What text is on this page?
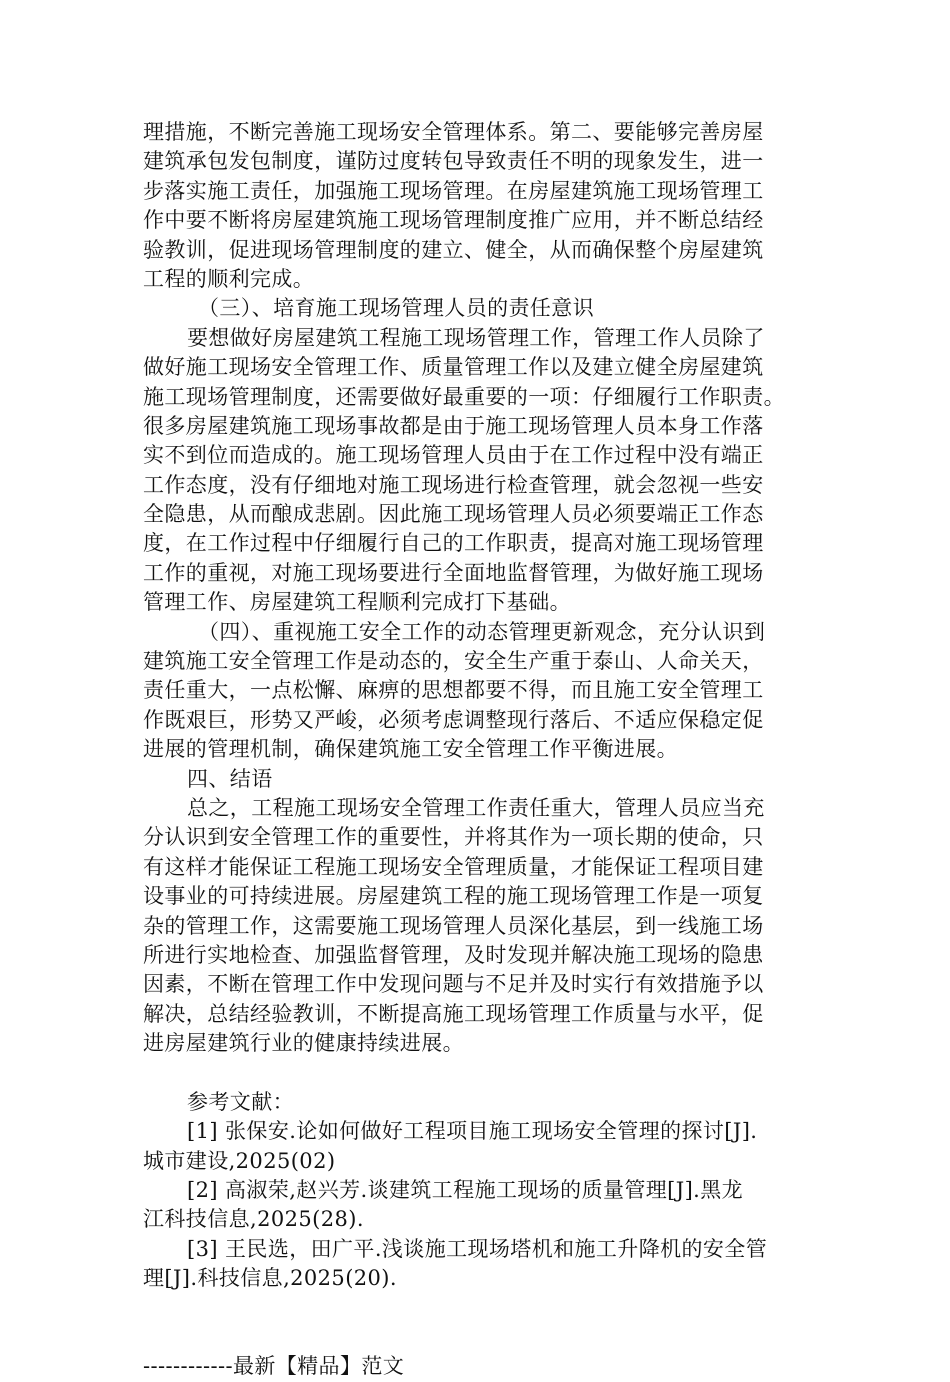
理措施，不断完善施工现场安全管理体系。第二、要能够完善房屋
建筑承包发包制度，谨防过度转包导致责任不明的现象发生，进一
步落实施工责任，加强施工现场管理。在房屋建筑施工现场管理工
作中要不断将房屋建筑施工现场管理制度推广应用，并不断总结经
验教训，促进现场管理制度的建立、健全，从而确保整个房屋建筑
工程的顺利完成。
（三）、培育施工现场管理人员的责任意识
要想做好房屋建筑工程施工现场管理工作，管理工作人员除了
做好施工现场安全管理工作、质量管理工作以及建立健全房屋建筑
施工现场管理制度，还需要做好最重要的一项：仔细履行工作职责。
很多房屋建筑施工现场事故都是由于施工现场管理人员本身工作落
实不到位而造成的。施工现场管理人员由于在工作过程中没有端正
工作态度，没有仔细地对施工现场进行检查管理，就会忽视一些安
全隐患，从而酿成悲剧。因此施工现场管理人员必须要端正工作态
度，在工作过程中仔细履行自己的工作职责，提高对施工现场管理
工作的重视，对施工现场要进行全面地监督管理，为做好施工现场
管理工作、房屋建筑工程顺利完成打下基础。
（四）、重视施工安全工作的动态管理更新观念，充分认识到
建筑施工安全管理工作是动态的，安全生产重于泰山、人命关天，
责任重大，一点松懈、麻痹的思想都要不得，而且施工安全管理工
作既艰巨，形势又严峻，必须考虑调整现行落后、不适应保稳定促
进展的管理机制，确保建筑施工安全管理工作平衡进展。
四、结语
总之，工程施工现场安全管理工作责任重大，管理人员应当充
分认识到安全管理工作的重要性，并将其作为一项长期的使命，只
有这样才能保证工程施工现场安全管理质量，才能保证工程项目建
设事业的可持续进展。房屋建筑工程的施工现场管理工作是一项复
杂的管理工作，这需要施工现场管理人员深化基层，到一线施工场
所进行实地检查、加强监督管理，及时发现并解决施工现场的隐患
因素，不断在管理工作中发现问题与不足并及时实行有效措施予以
解决，总结经验教训，不断提高施工现场管理工作质量与水平，促
进房屋建筑行业的健康持续进展。
参考文献：
[1] 张保安.论如何做好工程项目施工现场安全管理的探讨[J].
城市建设,2025(02)
[2] 高淑荣,赵兴芳.谈建筑工程施工现场的质量管理[J].黑龙
江科技信息,2025(28).
[3] 王民选，田广平.浅谈施工现场塔机和施工升降机的安全管
理[J].科技信息,2025(20).
------------最新【精品】范文
